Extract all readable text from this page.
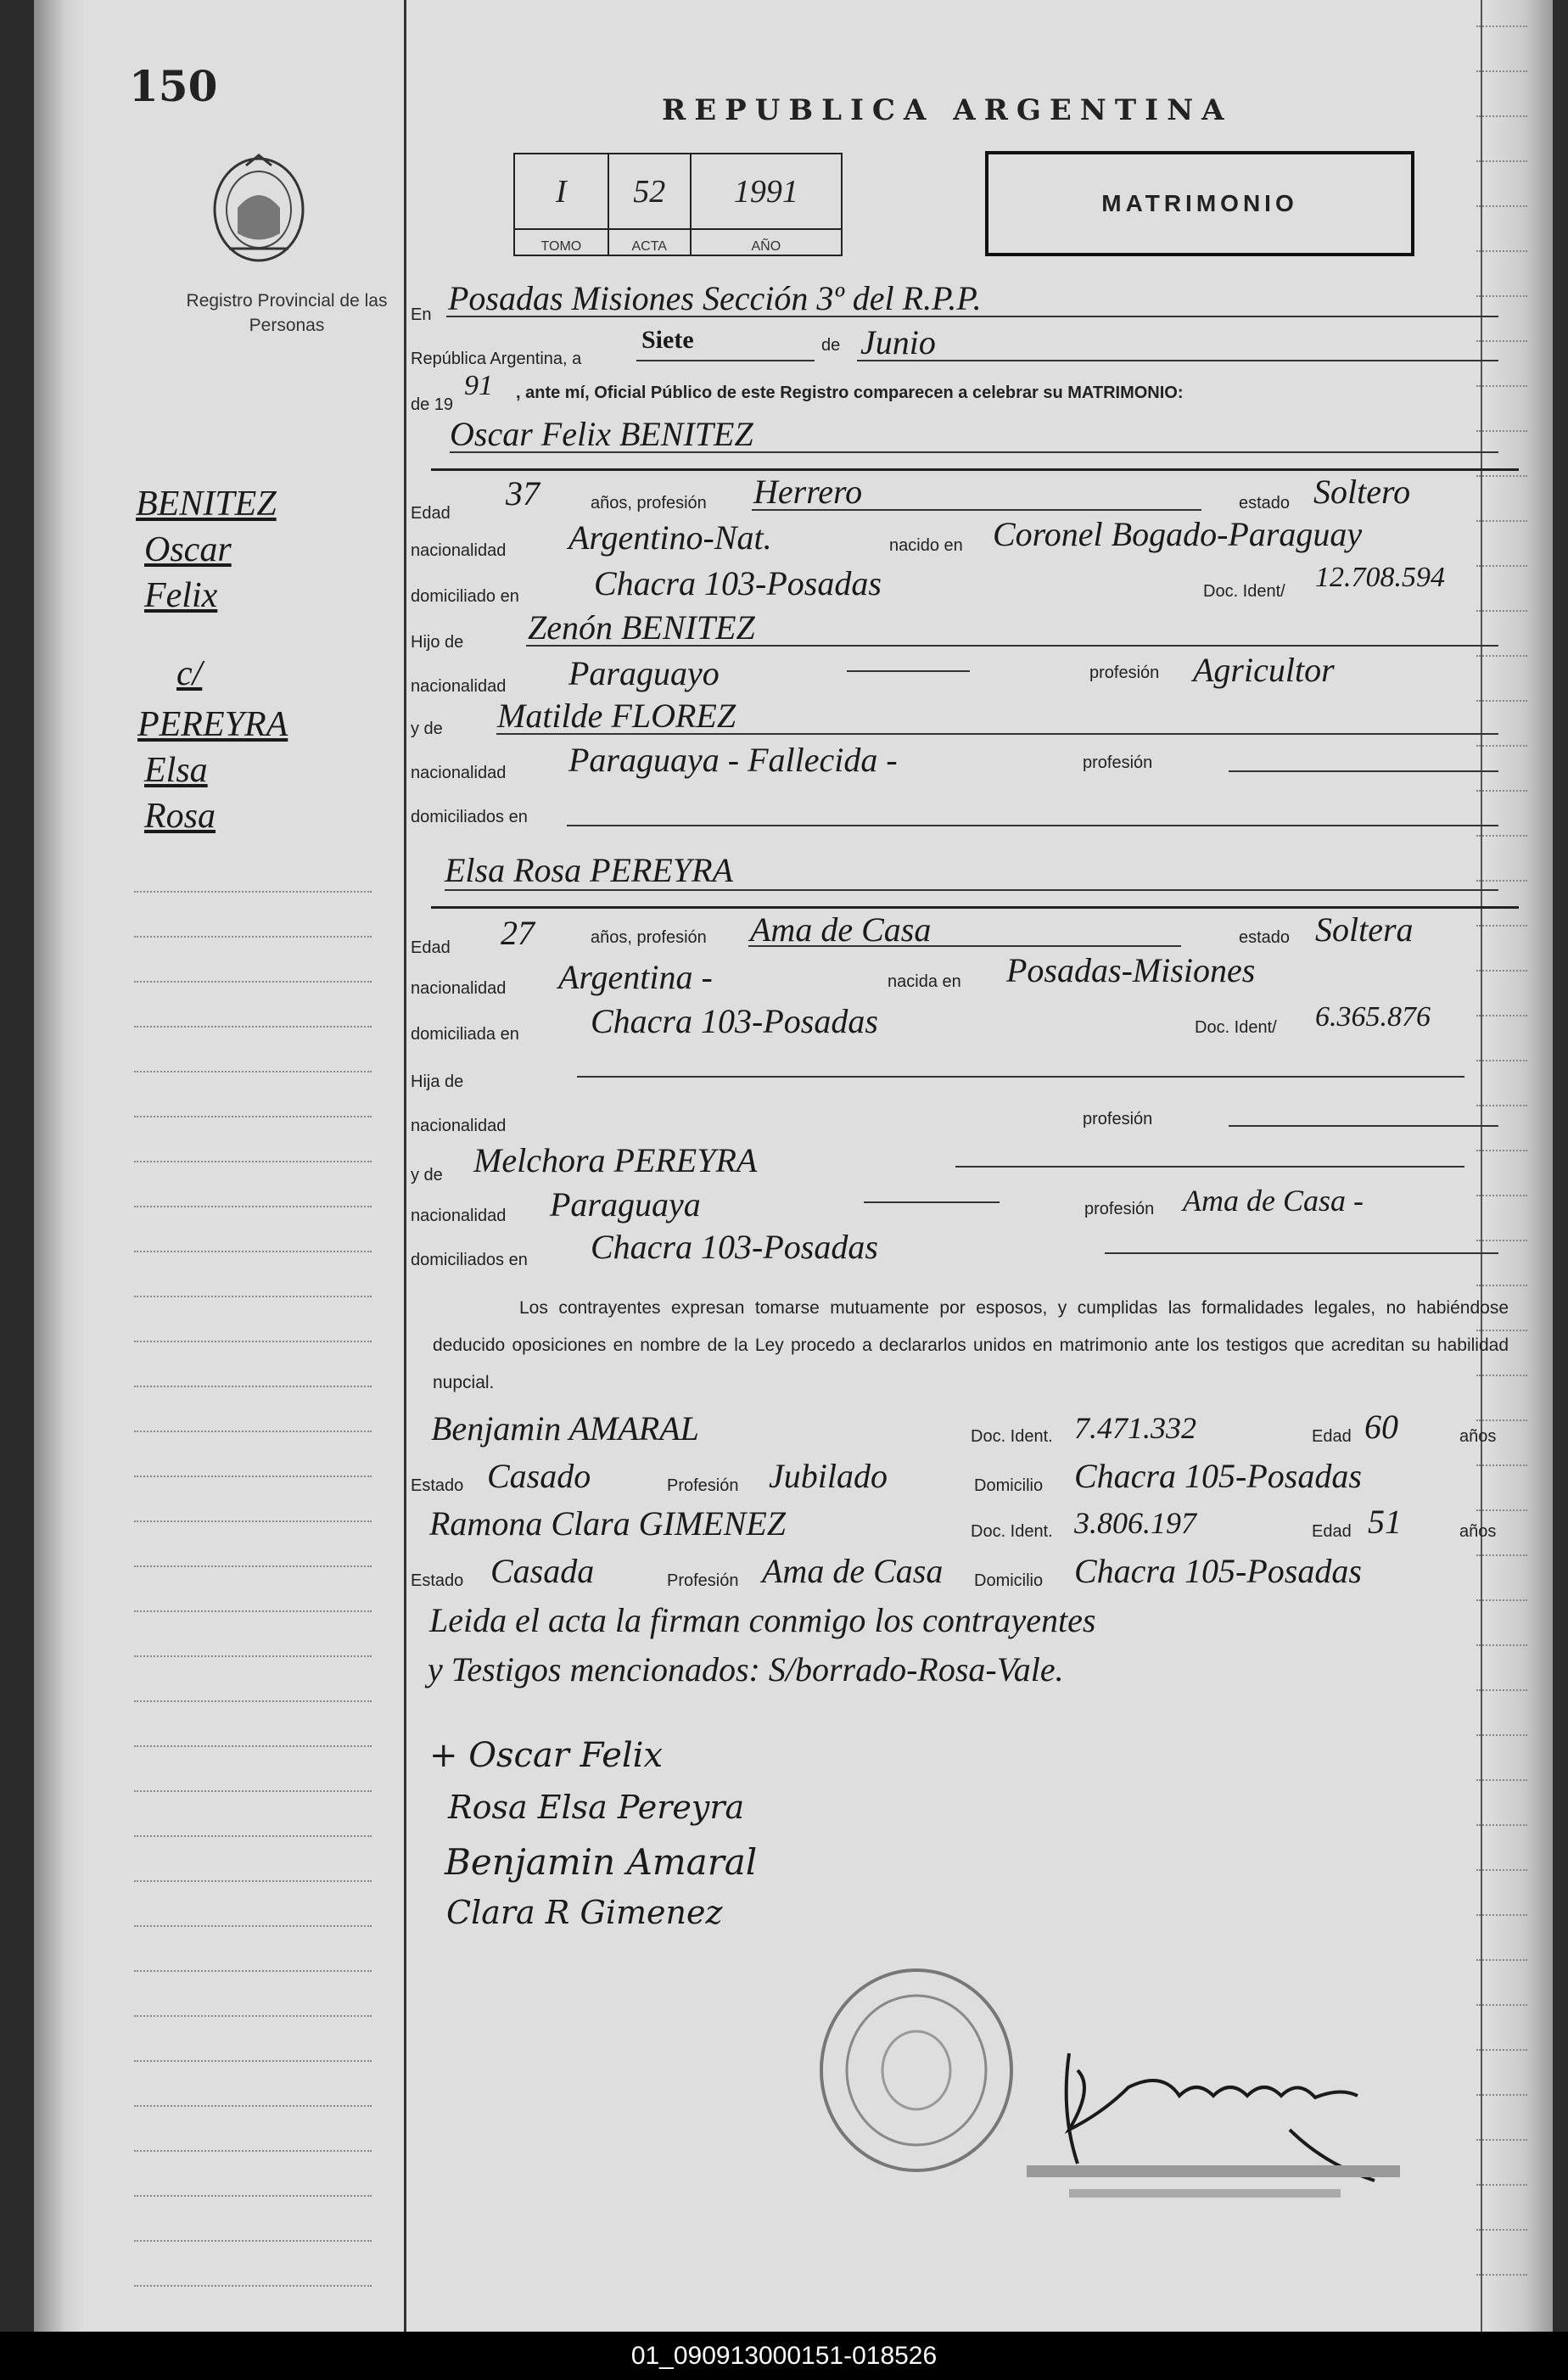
150	REPUBLICA ARGENTINA
Registro Provincial de las Personas
I	52	1991
TOMO	ACTA	AÑO
MATRIMONIO
BENITEZ
Oscar
Felix
c/
PEREYRA
Elsa
Rosa
En Posadas Misiones Sección 3º del R.P.P.
República Argentina, a
Siete	de Junio
de 19
91 , ante mí, Oficial Público de este Registro comparecen a celebrar su MATRIMONIO:
Oscar Felix BENITEZ
Edad
37	años, profesión Herrero	estado Soltero
nacionalidad Argentino-Nat.	nacido en Coronel Bogado-Paraguay
domiciliado en Chacra 103-Posadas	Doc. Ident/ 12.708.594
Hijo de Zenón BENITEZ
nacionalidad Paraguayo	profesión Agricultor
y de Matilde FLOREZ
nacionalidad Paraguaya - Fallecida -	profesión
domiciliados en
Elsa Rosa PEREYRA
Edad 27	años, profesión Ama de Casa	estado Soltera
nacionalidad Argentina -	nacida en Posadas-Misiones
domiciliada en Chacra 103-Posadas	Doc. Ident/ 6.365.876
Hija de
nacionalidad	profesión
y de Melchora PEREYRA
nacionalidad Paraguaya	profesión Ama de Casa -
domiciliados en Chacra 103-Posadas
Los contrayentes expresan tomarse mutuamente por esposos, y cumplidas las formalidades legales, no habiéndose deducido oposiciones en nombre de la Ley procedo a declararlos unidos en matrimonio ante los testigos que acreditan su habilidad nupcial.
Benjamin AMARAL	Doc. Ident. 7.471.332	Edad 60	años
Estado Casado	Profesión Jubilado	Domicilio Chacra 105-Posadas
Ramona Clara GIMENEZ	Doc. Ident. 3.806.197	Edad 51	años
Estado Casada	Profesión Ama de Casa Domicilio Chacra 105-Posadas
Leida el acta la firman conmigo los contrayentes
y Testigos mencionados: S/borrado-Rosa-Vale.
+ Oscar Felix
Rosa Elsa Pereyra
Benjamin Amaral
Clara R Gimenez
01_090913000151-018526
